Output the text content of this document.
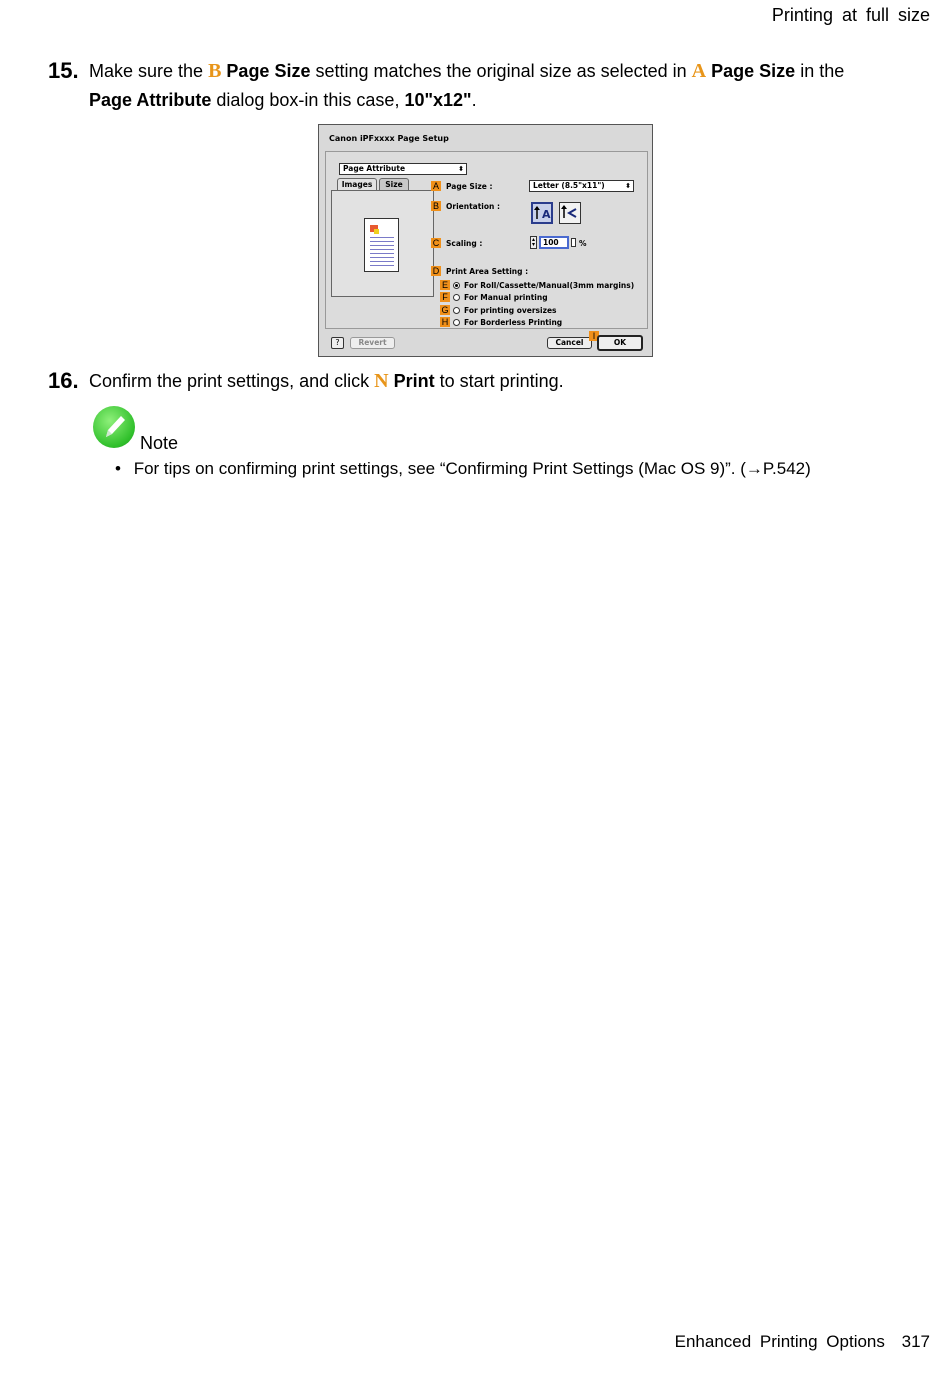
Printing at full size
15. Make sure the B Page Size setting matches the original size as selected in A Page Size in the
Page Attribute dialog box-in this case, 10"x12".
Canon iPFxxxx Page Setup
Page Attribute	⬍
Images	Size	A Page Size :	Letter (8.5"x11")	⬍
B Orientation :
A
C Scaling :	▴
▾	100	%
D Print Area Setting :
E For Roll/Cassette/Manual(3mm margins)
F	For Manual printing
G For printing oversizes
H For Borderless Printing
?	Revert	Cancel
I
OK
16. Confirm the print settings, and click N Print to start printing.
Note
• For tips on confirming print settings, see “Confirming Print Settings (Mac OS 9)”. (→P.542)
Enhanced Printing Options 317
